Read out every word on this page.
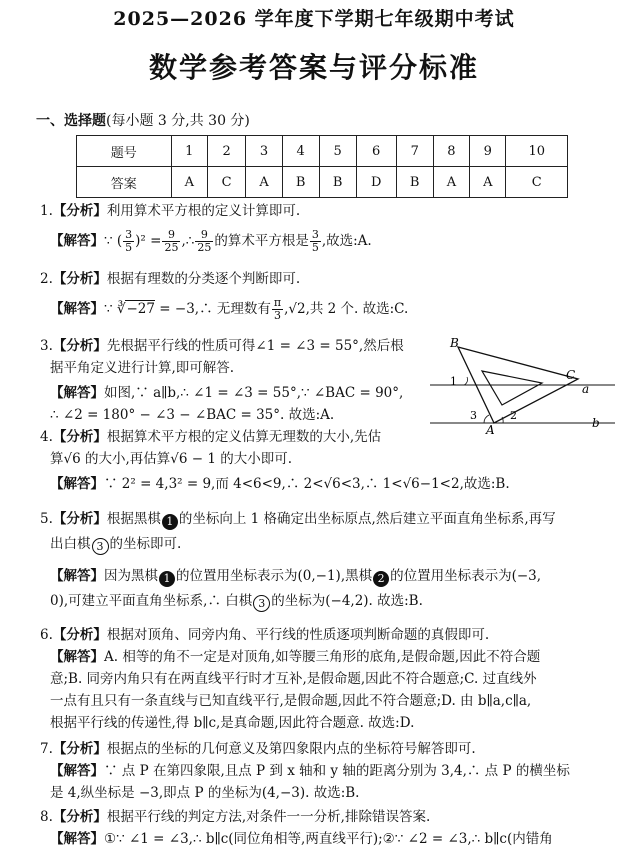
2025—2026 学年度下学期七年级期中考试
数学参考答案与评分标准
一、选择题(每小题 3 分,共 30 分)
题号	1	2	3	4	5	6	7	8	9	10
答案	A	C	A	B	B	D	B	A	A	C
1.【分析】利用算术平方根的定义计算即可.
【解答】∵ ( $\frac{3}{5} )^2 = \frac{9}{25}$ ,∴ $\frac{9}{25}$ 的算术平方根是 $\frac{3}{5}$ ,故选:A.
2.【分析】根据有理数的分类逐个判断即可.
【解答】∵ ∛−27 = −3,∴ 无理数有 $\frac{\pi}{3} ,√2$,共 2 个. 故选:C.
3.【分析】先根据平行线的性质可得∠1 = ∠3 = 55°,然后根
据平角定义进行计算,即可解答.
【解答】如图,∵ a∥b,∴ ∠1 = ∠3 = 55°,∵ ∠BAC = 90°,
∴ ∠2 = 180° − ∠3 − ∠BAC = 35°. 故选:A.
B
C
a
b
A
1
3	2
4.【分析】根据算术平方根的定义估算无理数的大小,先估
算√6 的大小,再估算√6 − 1 的大小即可.
【解答】∵ 2² = 4,3² = 9,而 4<6<9,∴ 2<√6<3,∴ 1<√6−1<2,故选:B.
5.【分析】根据黑棋 1 的坐标向上 1 格确定出坐标原点,然后建立平面直角坐标系,再写
出白棋 3 的坐标即可.
【解答】因为黑棋 1 的位置用坐标表示为(0,−1),黑棋 2 的位置用坐标表示为(−3,
0),可建立平面直角坐标系,∴ 白棋 3 的坐标为(−4,2). 故选:B.
6.【分析】根据对顶角、同旁内角、平行线的性质逐项判断命题的真假即可.
【解答】A. 相等的角不一定是对顶角,如等腰三角形的底角,是假命题,因此不符合题
意;B. 同旁内角只有在两直线平行时才互补,是假命题,因此不符合题意;C. 过直线外
一点有且只有一条直线与已知直线平行,是假命题,因此不符合题意;D. 由 b∥a,c∥a,
根据平行线的传递性,得 b∥c,是真命题,因此符合题意. 故选:D.
7.【分析】根据点的坐标的几何意义及第四象限内点的坐标符号解答即可.
【解答】∵ 点 P 在第四象限,且点 P 到 x 轴和 y 轴的距离分别为 3,4,∴ 点 P 的横坐标
是 4,纵坐标是 −3,即点 P 的坐标为(4,−3). 故选:B.
8.【分析】根据平行线的判定方法,对条件一一分析,排除错误答案.
【解答】①∵ ∠1 = ∠3,∴ b∥c(同位角相等,两直线平行);②∵ ∠2 = ∠3,∴ b∥c(内错角
